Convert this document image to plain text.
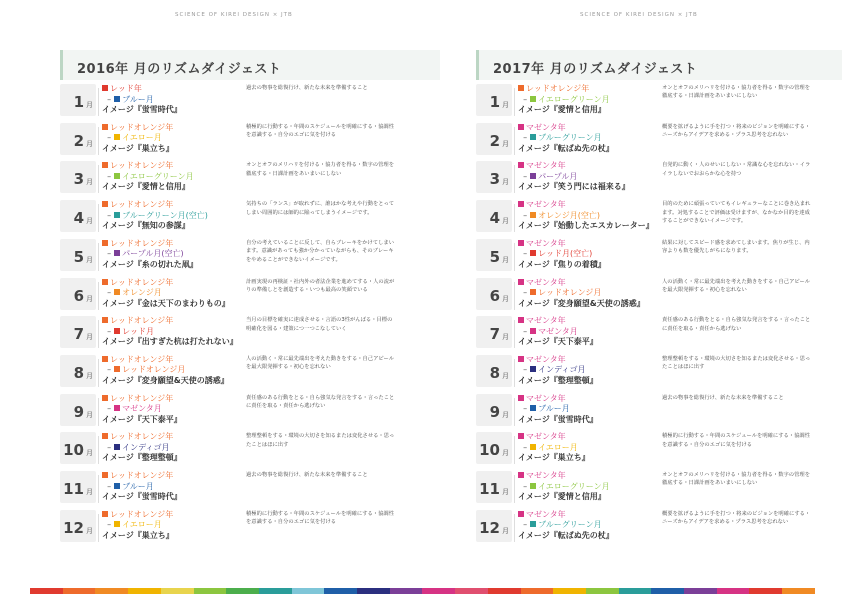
SCIENCE OF KIREI DESIGN × JTB	SCIENCE OF KIREI DESIGN × JTB
2016年 月のリズムダイジェスト
1 月
レッド年
– ブルー月
イメージ『蛍雪時代』
過去の物事を総復行け、新たな未来を準備すること
2 月
レッドオレンジ年
– イエロー月
イメージ『巣立ち』
積極的に行動する・年間のスケジュールを明確にする・協調性を意識する・自分のエゴに気を付ける
3 月
レッドオレンジ年
– イエローグリーン月
イメージ『愛情と信用』
オンとオフのメリハリを付ける・協力者を得る・数字の管理を徹底する・日課計画をあいまいにしない
4 月
レッドオレンジ年
– ブルーグリーン月(空亡)
イメージ『無知の参謀』
気持ちの「ランス」が取れずに、誰はかな考えや行動をとってしまい周囲的には師的に陥ってしまうイメージです。
5 月
レッドオレンジ年
– パープル月(空亡)
イメージ『糸の切れた凧』
自分の考えていることに反して、自らブレーキをかけてしまいます。意識があっても強か分かっていながらも、そのブレーキをやめることができないイメージです。
6 月
レッドオレンジ年
– オレンジ月
イメージ『金は天下のまわりもの』
計画実現の再検証・社内外の者法企業を進めてする・人の流がりの準備しとを創造する・いつも最高の笑顔でいる
7 月
レッドオレンジ年
– レッド月
イメージ『出すぎた杭は打たれない』
当月の目標を確実に達成させる・言語の3性がんばる・目標の明確化を図る・建策につ一つこなしていく
8 月
レッドオレンジ年
– レッドオレンジ月
イメージ『変身願望&天使の誘惑』
人の活動く・常に最先端出を考えた動きをする・自己アピールを最大限発揮する・初心を忘れない
9 月
レッドオレンジ年
– マゼンタ月
イメージ『天下泰平』
責任感のある行動をとる・自ら強気な発言をする・言ったことに責任を取る・責任から逃げない
10 月
レッドオレンジ年
– インディゴ月
イメージ『整理整頓』
整理整頓をする・環境の大切さを知るまたは変化させる・思ったことはほに出す
11 月
レッドオレンジ年
– ブルー月
イメージ『蛍雪時代』
過去の物事を総復行け、新たな未来を準備すること
12 月
レッドオレンジ年
– イエロー月
イメージ『巣立ち』
積極的に行動する・年間のスケジュールを明確にする・協調性を意識する・自分のエゴに気を付ける
2017年 月のリズムダイジェスト
1 月
レッドオレンジ年
– イエローグリーン月
イメージ『愛情と信用』
オンとオフのメリハリを付ける・協力者を得る・数字の管理を徹底する・日課計画をあいまいにしない
2 月
マゼンタ年
– ブルーグリーン月
イメージ『転ばぬ先の杖』
概要を拡げるように手を打つ・将来のビジョンを明確にする・ニーズからアイデアを求める・プラス思考を忘れない
3 月
マゼンタ年
– パープル月
イメージ『笑う門には福来る』
自発的に動く・人のせいにしない・常識な心を忘れない・イライラしないでおおらかな心を持つ
4 月
マゼンタ年
– オレンジ月(空亡)
イメージ『始動したエスカレーター』
目的のために頑張っていてもイレギュラーなことに巻き込まれます。対処することで評価は受けますが、なかなか目的を達成することができないイメージです。
5 月
マゼンタ年
– レッド月(空亡)
イメージ『焦りの着積』
結果に対してスピード感を求めてしまいます。焦りが生じ、内容よりも数を優先しがちになります。
6 月
マゼンタ年
– レッドオレンジ月
イメージ『変身願望&天使の誘惑』
人の活動く・常に最先端出を考えた動きをする・自己アピールを最大限発揮する・初心を忘れない
7 月
マゼンタ年
– マゼンタ月
イメージ『天下泰平』
責任感のある行動をとる・自ら強気な発言をする・言ったことに責任を取る・責任から逃げない
8 月
マゼンタ年
– インディゴ月
イメージ『整理整頓』
整理整頓をする・環境の大切さを知るまたは変化させる・思ったことはほに出す
9 月
マゼンタ年
– ブルー月
イメージ『蛍雪時代』
過去の物事を総復行け、新たな未来を準備すること
10 月
マゼンタ年
– イエロー月
イメージ『巣立ち』
積極的に行動する・年間のスケジュールを明確にする・協調性を意識する・自分のエゴに気を付ける
11 月
マゼンタ年
– イエローグリーン月
イメージ『愛情と信用』
オンとオフのメリハリを付ける・協力者を得る・数字の管理を徹底する・日課計画をあいまいにしない
12 月
マゼンタ年
– ブルーグリーン月
イメージ『転ばぬ先の杖』
概要を拡げるように手を打つ・将来のビジョンを明確にする・ニーズからアイデアを求める・プラス思考を忘れない
